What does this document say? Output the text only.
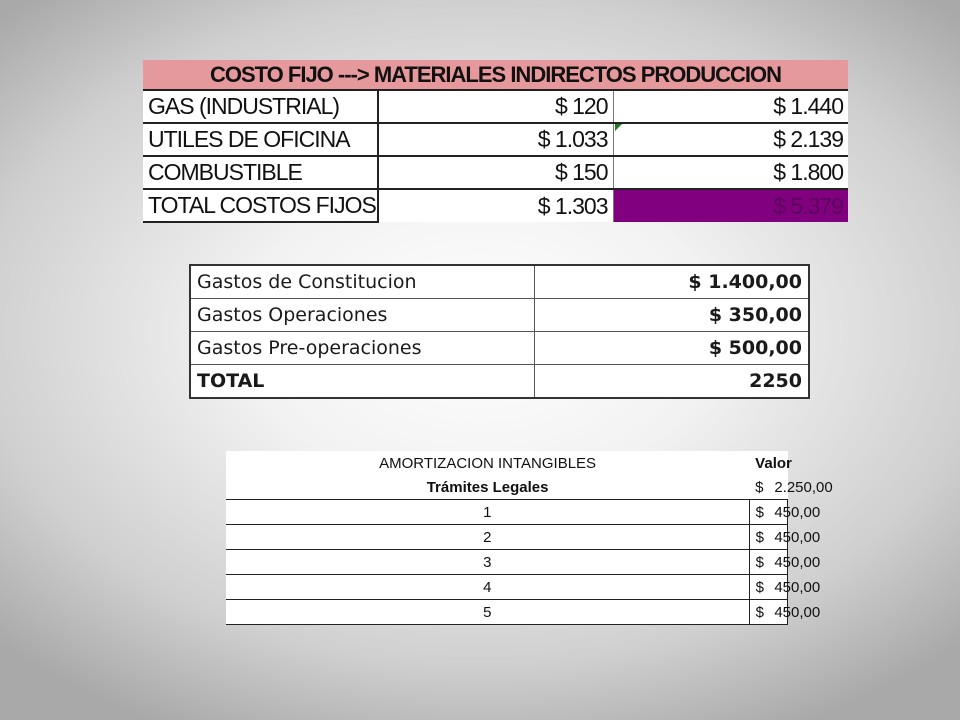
COSTO FIJO ---> MATERIALES INDIRECTOS PRODUCCION		
GAS (INDUSTRIAL)	$ 120	$ 1.440
UTILES DE OFICINA	$ 1.033	$ 2.139
COMBUSTIBLE	$ 150	$ 1.800
TOTAL COSTOS FIJOS	$ 1.303	$ 5.379
Gastos de Constitucion	$ 1.400,00
Gastos Operaciones	$ 350,00
Gastos Pre-operaciones	$ 500,00
TOTAL	2250
AMORTIZACION INTANGIBLES	Valor	
Trámites Legales	$	2.250,00
1	$	450,00
2	$	450,00
3	$	450,00
4	$	450,00
5	$	450,00
